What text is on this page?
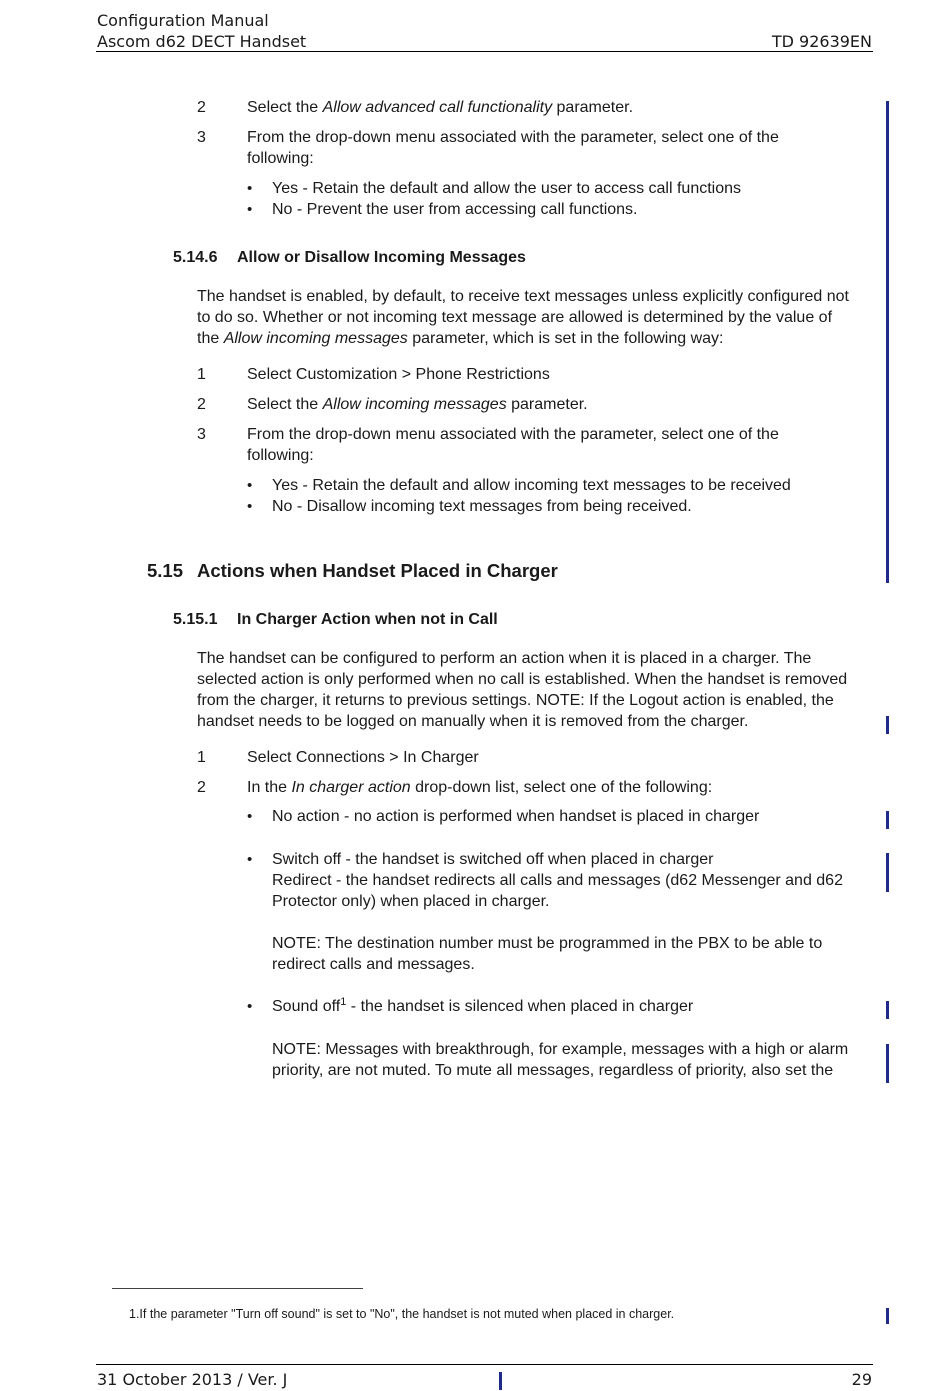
Configuration Manual
Ascom d62 DECT Handset	TD 92639EN
2	Select the Allow advanced call functionality parameter.
3	From the drop-down menu associated with the parameter, select one of the
following:
• Yes - Retain the default and allow the user to access call functions
• No - Prevent the user from accessing call functions.
5.14.6 Allow or Disallow Incoming Messages
The handset is enabled, by default, to receive text messages unless explicitly configured not
to do so. Whether or not incoming text message are allowed is determined by the value of
the Allow incoming messages parameter, which is set in the following way:
1	Select Customization > Phone Restrictions
2	Select the Allow incoming messages parameter.
3	From the drop-down menu associated with the parameter, select one of the
following:
• Yes - Retain the default and allow incoming text messages to be received
• No - Disallow incoming text messages from being received.
5.15 Actions when Handset Placed in Charger
5.15.1 In Charger Action when not in Call
The handset can be configured to perform an action when it is placed in a charger. The
selected action is only performed when no call is established. When the handset is removed
from the charger, it returns to previous settings. NOTE: If the Logout action is enabled, the
handset needs to be logged on manually when it is removed from the charger.
1	Select Connections > In Charger
2	In the In charger action drop-down list, select one of the following:
• No action - no action is performed when handset is placed in charger
• Switch off - the handset is switched off when placed in charger
Redirect - the handset redirects all calls and messages (d62 Messenger and d62
Protector only) when placed in charger.
NOTE: The destination number must be programmed in the PBX to be able to
redirect calls and messages.
• Sound off$^1$ - the handset is silenced when placed in charger
NOTE: Messages with breakthrough, for example, messages with a high or alarm
priority, are not muted. To mute all messages, regardless of priority, also set the
1.If the parameter "Turn off sound" is set to "No", the handset is not muted when placed in charger.
31 October 2013 / Ver. J	29
